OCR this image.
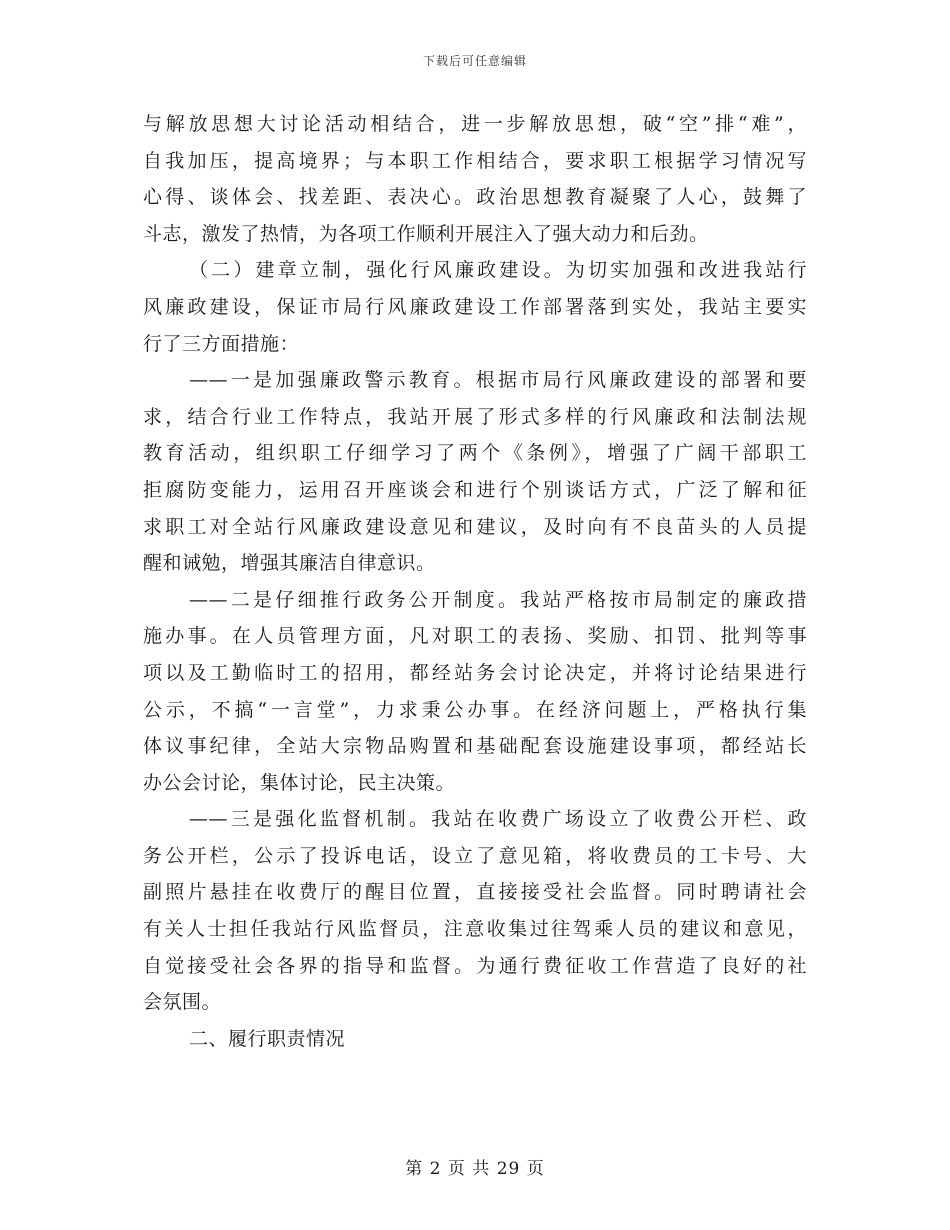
下载后可任意编辑
与解放思想大讨论活动相结合，进一步解放思想，破“空”排“难”，
自我加压，提高境界；与本职工作相结合，要求职工根据学习情况写
心得、谈体会、找差距、表决心。政治思想教育凝聚了人心，鼓舞了
斗志，激发了热情，为各项工作顺利开展注入了强大动力和后劲。
（二）建章立制，强化行风廉政建设。为切实加强和改进我站行
风廉政建设，保证市局行风廉政建设工作部署落到实处，我站主要实
行了三方面措施：
——一是加强廉政警示教育。根据市局行风廉政建设的部署和要
求，结合行业工作特点，我站开展了形式多样的行风廉政和法制法规
教育活动，组织职工仔细学习了两个《条例》，增强了广阔干部职工
拒腐防变能力，运用召开座谈会和进行个别谈话方式，广泛了解和征
求职工对全站行风廉政建设意见和建议，及时向有不良苗头的人员提
醒和诫勉，增强其廉洁自律意识。
——二是仔细推行政务公开制度。我站严格按市局制定的廉政措
施办事。在人员管理方面，凡对职工的表扬、奖励、扣罚、批判等事
项以及工勤临时工的招用，都经站务会讨论决定，并将讨论结果进行
公示，不搞“一言堂”，力求秉公办事。在经济问题上，严格执行集
体议事纪律，全站大宗物品购置和基础配套设施建设事项，都经站长
办公会讨论，集体讨论，民主决策。
——三是强化监督机制。我站在收费广场设立了收费公开栏、政
务公开栏，公示了投诉电话，设立了意见箱，将收费员的工卡号、大
副照片悬挂在收费厅的醒目位置，直接接受社会监督。同时聘请社会
有关人士担任我站行风监督员，注意收集过往驾乘人员的建议和意见，
自觉接受社会各界的指导和监督。为通行费征收工作营造了良好的社
会氛围。
二、履行职责情况
第 2 页 共 29 页
